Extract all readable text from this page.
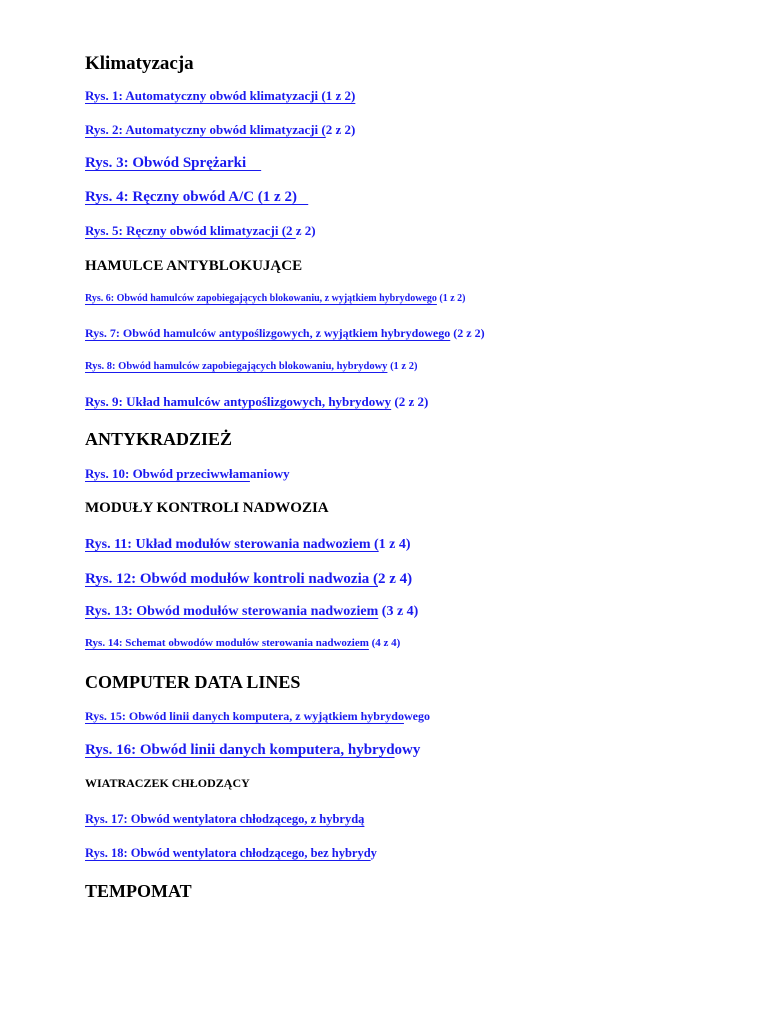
Klimatyzacja
Rys. 1: Automatyczny obwód klimatyzacji (1 z 2)
Rys. 2: Automatyczny obwód klimatyzacji (2 z 2)
Rys. 3: Obwód Sprężarki
Rys. 4: Ręczny obwód A/C (1 z 2)
Rys. 5: Ręczny obwód klimatyzacji (2 z 2)
HAMULCE ANTYBLOKUJĄCE
Rys. 6: Obwód hamulców zapobiegających blokowaniu, z wyjątkiem hybrydowego (1 z 2)
Rys. 7: Obwód hamulców antypoślizgowych, z wyjątkiem hybrydowego (2 z 2)
Rys. 8: Obwód hamulców zapobiegających blokowaniu, hybrydowy (1 z 2)
Rys. 9: Układ hamulców antypoślizgowych, hybrydowy (2 z 2)
ANTYKRADZIEŻ
Rys. 10: Obwód przeciwwłamaniowy
MODUŁY KONTROLI NADWOZIA
Rys. 11: Układ modułów sterowania nadwoziem (1 z 4)
Rys. 12: Obwód modułów kontroli nadwozia (2 z 4)
Rys. 13: Obwód modułów sterowania nadwoziem (3 z 4)
Rys. 14: Schemat obwodów modułów sterowania nadwoziem (4 z 4)
COMPUTER DATA LINES
Rys. 15: Obwód linii danych komputera, z wyjątkiem hybrydowego
Rys. 16: Obwód linii danych komputera, hybrydowy
WIATRACZEK CHŁODZĄCY
Rys. 17: Obwód wentylatora chłodzącego, z hybrydą
Rys. 18: Obwód wentylatora chłodzącego, bez hybrydy
TEMPOMAT
